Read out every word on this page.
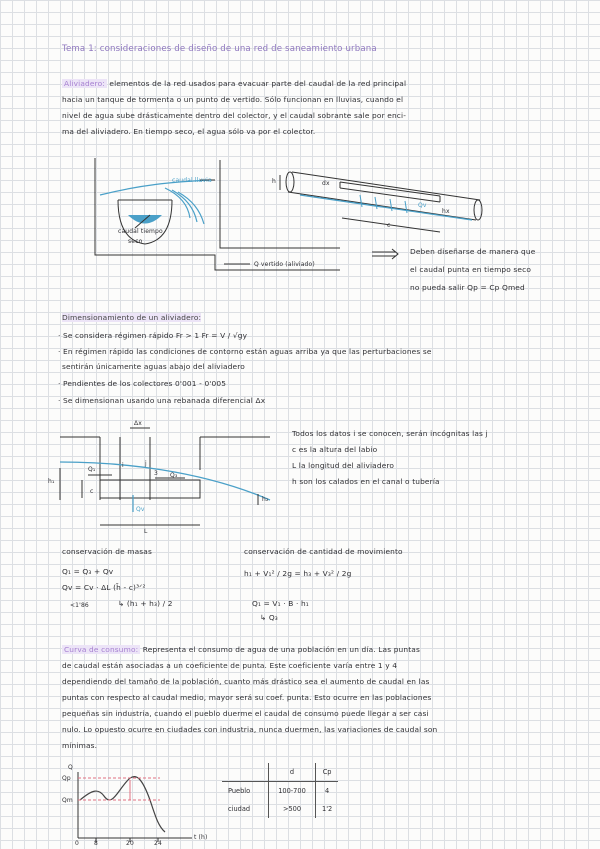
Tema 1: consideraciones de diseño de una red de saneamiento urbana
Aliviadero: elementos de la red usados para evacuar parte del caudal de la red principal
hacia un tanque de tormenta o un punto de vertido. Sólo funcionan en lluvias, cuando el
nivel de agua sube drásticamente dentro del colector, y el caudal sobrante sale por enci-
ma del aliviadero. En tiempo seco, el agua sólo va por el colector.
caudal lluvia
caudal tiempo
seco
Q vertido (aliviado)
h
c
dx
Qv
hx
Deben diseñarse de manera que
el caudal punta en tiempo seco
no pueda salir Qp = Cp Qmed
Dimensionamiento de un aliviadero:
· Se considera régimen rápido Fr > 1 Fr = V / √gy
· En régimen rápido las condiciones de contorno están aguas arriba ya que las perturbaciones se
sentirán únicamente aguas abajo del aliviadero
· Pendientes de los colectores 0'001 - 0'005
· Se dimensionan usando una rebanada diferencial Δx
Δx
h₁
h₂
Q₁
Q₃
Qv
c
L
j
3
i
Todos los datos i se conocen, serán incógnitas las j
c es la altura del labio
L la longitud del aliviadero
h son los calados en el canal o tubería
conservación de masas
Q₁ = Q₃ + Qv
Qv = Cv · ΔL (h̄ - c)³ᐟ²
<1'86	↳ (h₁ + h₃) / 2
conservación de cantidad de movimiento
h₁ + V₁² / 2g = h₃ + V₃² / 2g
Q₁ = V₁ · B · h₁
↳ Q₃
Curva de consumo: Representa el consumo de agua de una población en un día. Las puntas
de caudal están asociadas a un coeficiente de punta. Este coeficiente varía entre 1 y 4
dependiendo del tamaño de la población, cuanto más drástico sea el aumento de caudal en las
puntas con respecto al caudal medio, mayor será su coef. punta. Esto ocurre en las poblaciones
pequeñas sin industria, cuando el pueblo duerme el caudal de consumo puede llegar a ser casi
nulo. Lo opuesto ocurre en ciudades con industria, nunca duermen, las variaciones de caudal son
mínimas.
Q
Qp
Qm
t (h)
0	8	20	24
	d	Cp
Pueblo	100-700	4
ciudad	>500	1'2
